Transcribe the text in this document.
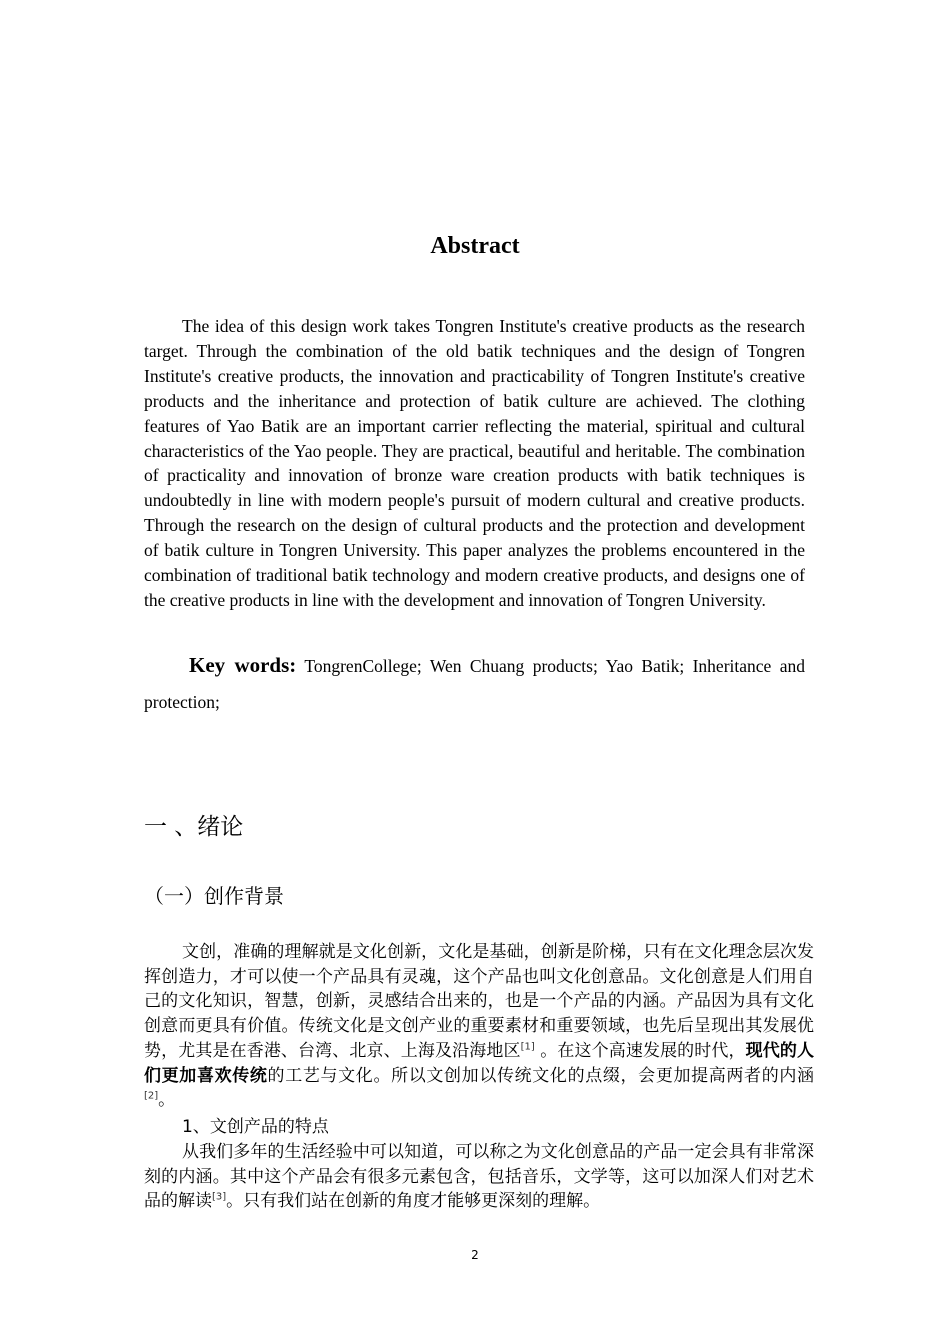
Abstract

The idea of this design work takes Tongren Institute's creative products as the research target. Through the combination of the old batik techniques and the design of Tongren Institute's creative products, the innovation and practicability of Tongren Institute's creative products and the inheritance and protection of batik culture are achieved. The clothing features of Yao Batik are an important carrier reflecting the material, spiritual and cultural characteristics of the Yao people. They are practical, beautiful and heritable. The combination of practicality and innovation of bronze ware creation products with batik techniques is undoubtedly in line with modern people's pursuit of modern cultural and creative products. Through the research on the design of cultural products and the protection and development of batik culture in Tongren University. This paper analyzes the problems encountered in the combination of traditional batik technology and modern creative products, and designs one of the creative products in line with the development and innovation of Tongren University.

Key words: TongrenCollege; Wen Chuang products; Yao Batik; Inheritance and protection;

一 、绪论
（一）创作背景

文创，准确的理解就是文化创新，文化是基础，创新是阶梯，只有在文化理念层次发挥创造力，才可以使一个产品具有灵魂，这个产品也叫文化创意品。文化创意是人们用自己的文化知识，智慧，创新，灵感结合出来的，也是一个产品的内涵。产品因为具有文化创意而更具有价值。传统文化是文创产业的重要素材和重要领域，也先后呈现出其发展优势，尤其是在香港、台湾、北京、上海及沿海地区[1] 。在这个高速发展的时代，现代的人们更加喜欢传统的工艺与文化。所以文创加以传统文化的点缀，会更加提高两者的内涵[2]。

1、文创产品的特点

从我们多年的生活经验中可以知道，可以称之为文化创意品的产品一定会具有非常深刻的内涵。其中这个产品会有很多元素包含，包括音乐，文学等，这可以加深人们对艺术品的解读[3]。只有我们站在创新的角度才能够更深刻的理解。

2
